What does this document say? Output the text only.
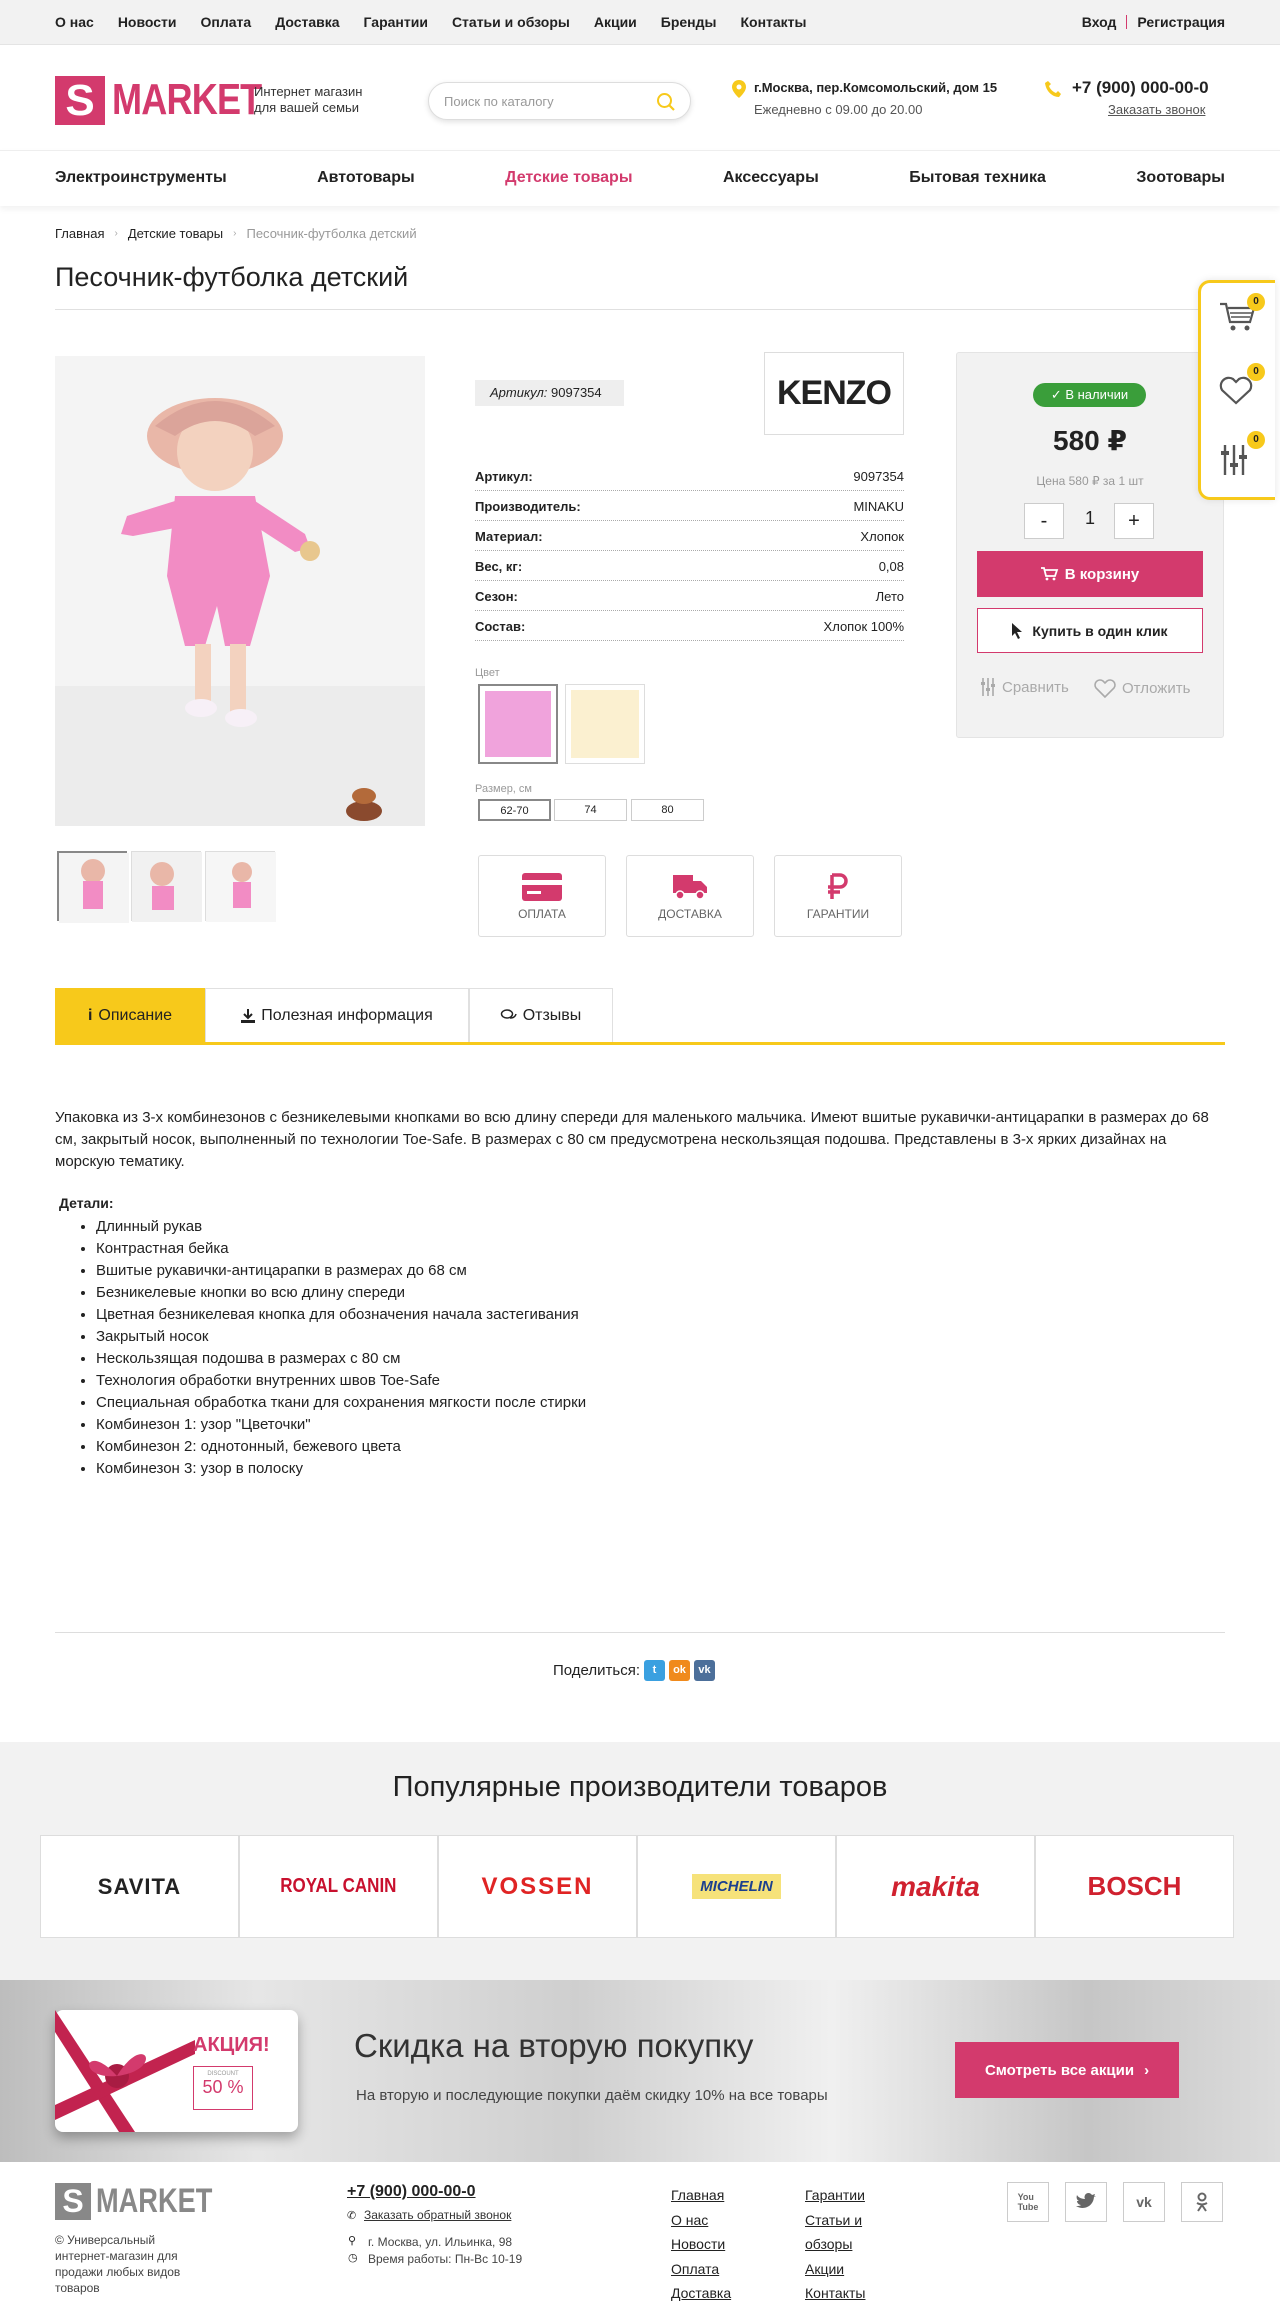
О нас Новости Оплата Доставка Гарантии Статьи и обзоры Акции Бренды Контакты	Вход Регистрация
S MARKET
Интернет магазин
для вашей семьи	Поиск по каталогу
г.Москва, пер.Комсомольский, дом 15
Ежедневно с 09.00 до 20.00
+7 (900) 000-00-0
Заказать звонок
Электроинструменты	Автотовары	Детские товары	Аксессуары	Бытовая техника	Зоотовары
Главная › Детские товары › Песочник-футболка детский
Песочник-футболка детский
Артикул: 9097354	KENZO
Артикул:	9097354
Производитель:	MINAKU
Материал:	Хлопок
Вес, кг:	0,08
Сезон:	Лето
Состав:	Хлопок 100%
Цвет
Размер, см
62-70	74	80
ОПЛАТА	ДОСТАВКА	ГАРАНТИИ
✓ В наличии
580 ₽
Цена 580 ₽ за 1 шт
-	1	+
В корзину
Купить в один клик
Сравнить	Отложить
0
0
0
i Описание	Полезная информация	Отзывы

Упаковка из 3-х комбинезонов с безникелевыми кнопками во всю длину спереди для маленького мальчика. Имеют вшитые рукавички-антицарапки в размерах до 68 см, закрытый носок, выполненный по технологии Toe-Safe. В размерах с 80 см предусмотрена нескользящая подошва. Представлены в 3-х ярких дизайнах на морскую тематику.

Детали:
• Длинный рукав
• Контрастная бейка
• Вшитые рукавички-антицарапки в размерах до 68 см
• Безникелевые кнопки во всю длину спереди
• Цветная безникелевая кнопка для обозначения начала застегивания
• Закрытый носок
• Нескользящая подошва в размерах с 80 см
• Технология обработки внутренних швов Toe-Safe
• Специальная обработка ткани для сохранения мягкости после стирки
• Комбинезон 1: узор "Цветочки"
• Комбинезон 2: однотонный, бежевого цвета
• Комбинезон 3: узор в полоску
Поделиться:	t	ok	vk
Популярные производители товаров
SAVITA	ROYAL CANIN	VOSSEN	MICHELIN	makita	BOSCH
АКЦИЯ!
DISCOUNT
50 %
Скидка на вторую покупку
На вторую и последующие покупки даём скидку 10% на все товары
Смотреть все акции ›
S MARKET
© Универсальный интернет-магазин для продажи любых видов товаров
+7 (900) 000-00-0
✆ Заказать обратный звонок
⚲ г. Москва, ул. Ильинка, 98
◷ Время работы: Пн-Вс 10-19
Главная
О нас
Новости
Оплата
Доставка
Гарантии
Статьи и
обзоры
Акции
Контакты
You
Tube	vk
